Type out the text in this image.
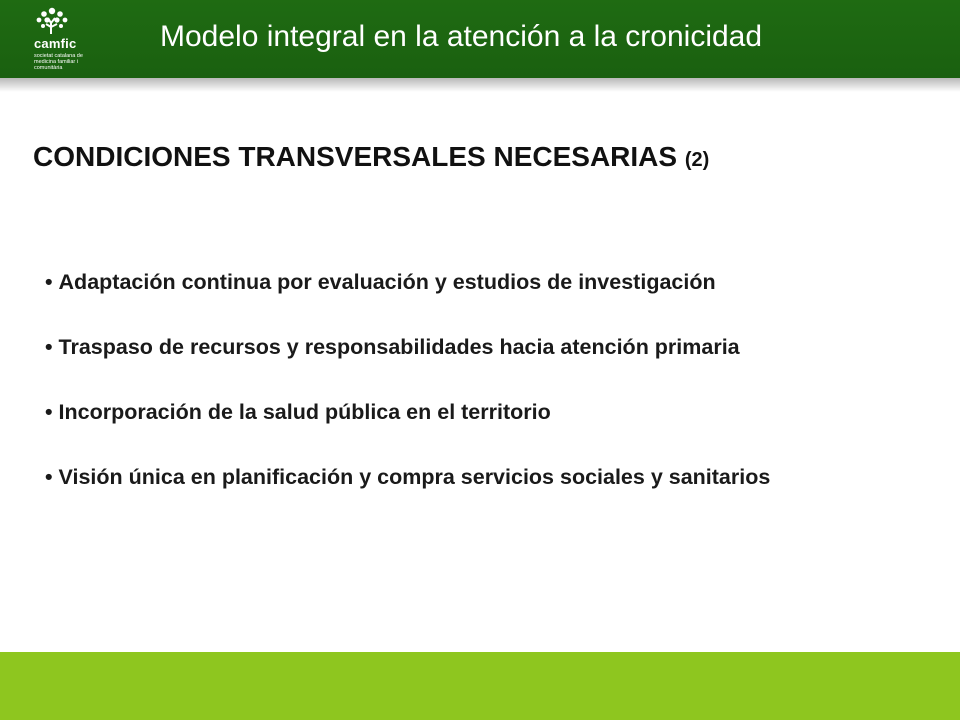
camfic
societat catalana de
medicina familiar i
comunitària
Modelo integral en la atención a la cronicidad
CONDICIONES TRANSVERSALES NECESARIAS (2)
• Adaptación continua por evaluación y estudios de investigación
• Traspaso de recursos y responsabilidades hacia atención primaria
• Incorporación de la salud pública en el territorio
• Visión única en planificación y compra servicios sociales y sanitarios
